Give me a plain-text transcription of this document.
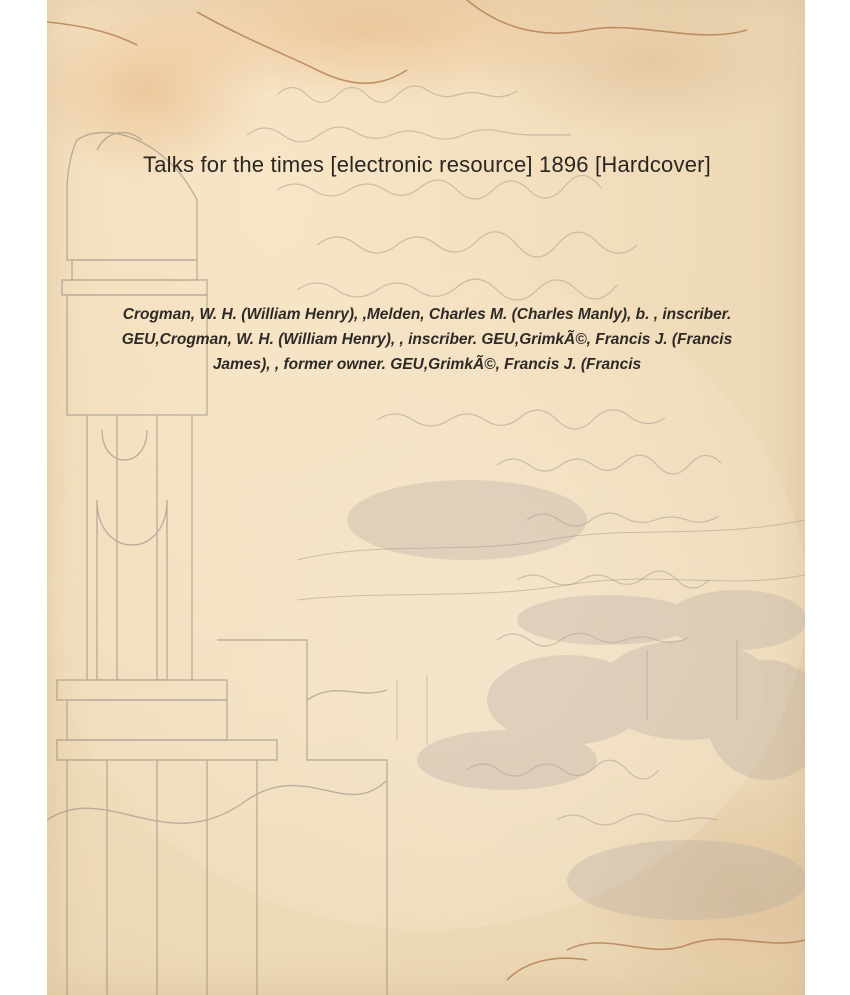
Talks for the times [electronic resource] 1896 [Hardcover]
Crogman, W. H. (William Henry), ,Melden, Charles M. (Charles Manly), b. , inscriber. GEU,Crogman, W. H. (William Henry), , inscriber. GEU,GrimkÃ©, Francis J. (Francis James), , former owner. GEU,GrimkÃ©, Francis J. (Francis
